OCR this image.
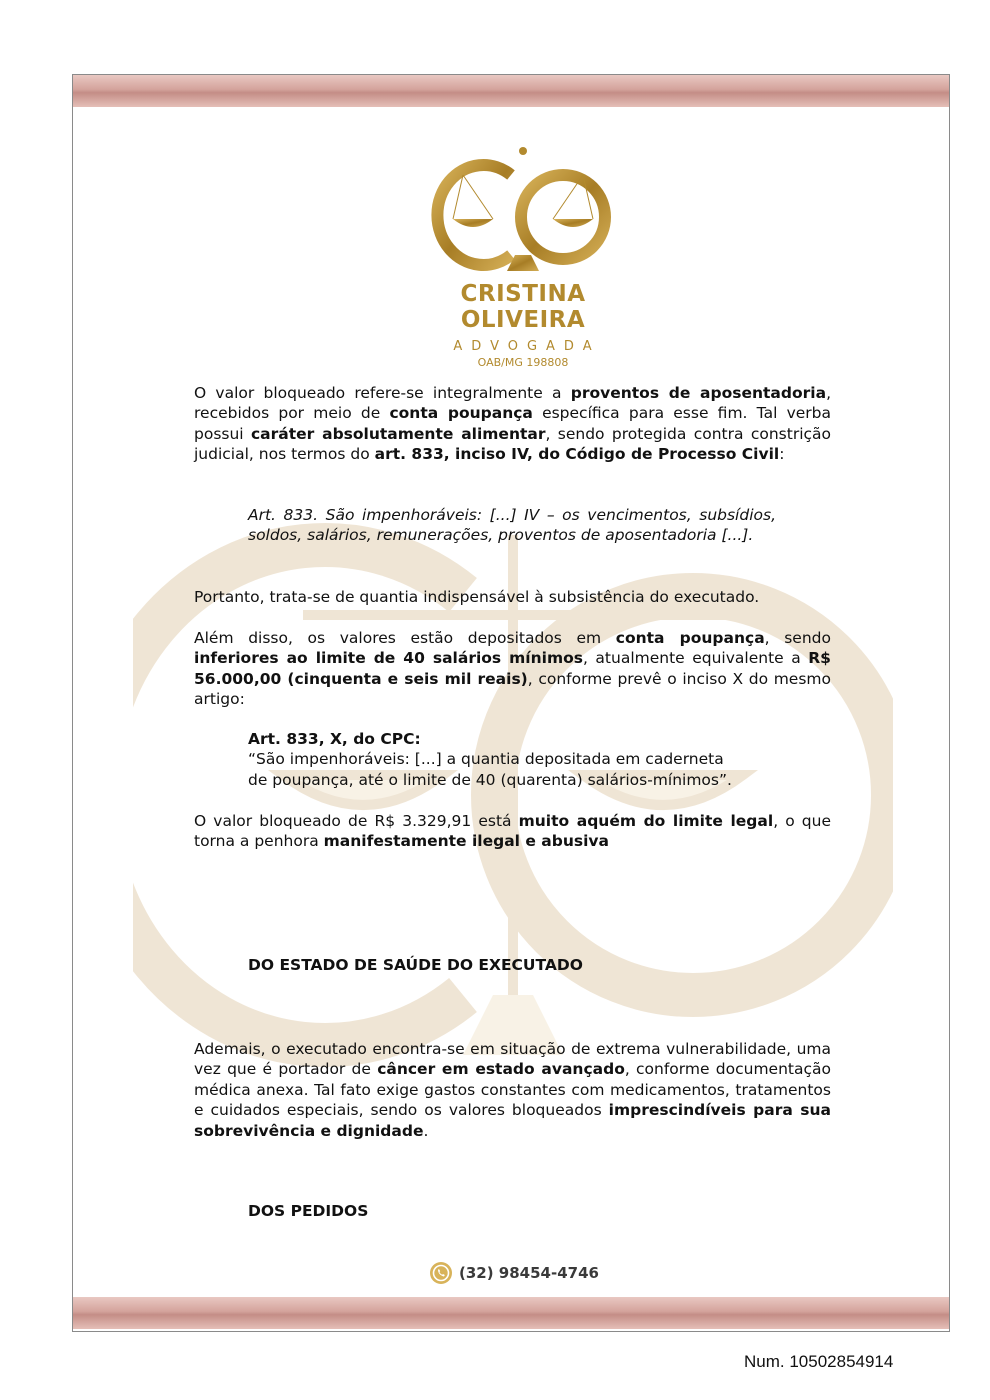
CRISTINA OLIVEIRA
ADVOGADA
OAB/MG 198808

O valor bloqueado refere-se integralmente a proventos de aposentadoria, recebidos por meio de conta poupança específica para esse fim. Tal verba possui caráter absolutamente alimentar, sendo protegida contra constrição judicial, nos termos do art. 833, inciso IV, do Código de Processo Civil:

Art. 833. São impenhoráveis: [...] IV – os vencimentos, subsídios, soldos, salários, remunerações, proventos de aposentadoria [...].
Portanto, trata-se de quantia indispensável à subsistência do executado.

Além disso, os valores estão depositados em conta poupança, sendo inferiores ao limite de 40 salários mínimos, atualmente equivalente a R$ 56.000,00 (cinquenta e seis mil reais), conforme prevê o inciso X do mesmo artigo:

Art. 833, X, do CPC:
“São impenhoráveis: [...] a quantia depositada em caderneta
de poupança, até o limite de 40 (quarenta) salários-mínimos”.

O valor bloqueado de R$ 3.329,91 está muito aquém do limite legal, o que torna a penhora manifestamente ilegal e abusiva

DO ESTADO DE SAÚDE DO EXECUTADO

Ademais, o executado encontra-se em situação de extrema vulnerabilidade, uma vez que é portador de câncer em estado avançado, conforme documentação médica anexa. Tal fato exige gastos constantes com medicamentos, tratamentos e cuidados especiais, sendo os valores bloqueados imprescindíveis para sua sobrevivência e dignidade.

DOS PEDIDOS
(32) 98454-4746
Num. 10502854914
